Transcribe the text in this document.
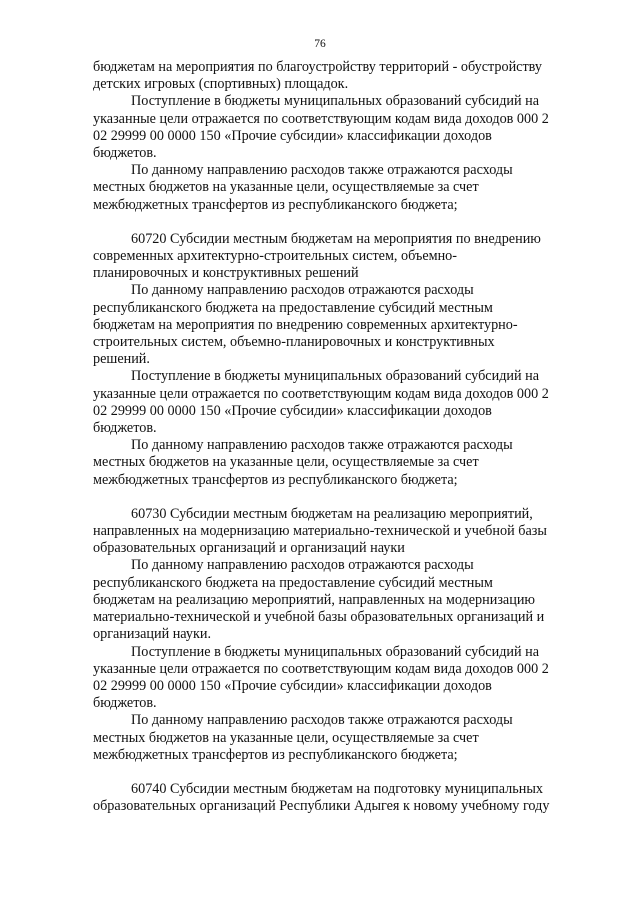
76
бюджетам на мероприятия по благоустройству территорий - обустройству
детских игровых (спортивных) площадок.
Поступление в бюджеты муниципальных образований субсидий на
указанные цели отражается по соответствующим кодам вида доходов 000 2
02 29999 00 0000 150 «Прочие субсидии» классификации доходов
бюджетов.
По данному направлению расходов также отражаются расходы
местных бюджетов на указанные цели, осуществляемые за счет
межбюджетных трансфертов из республиканского бюджета;
60720 Субсидии местным бюджетам на мероприятия по внедрению
современных архитектурно-строительных систем, объемно-
планировочных и конструктивных решений
По данному направлению расходов отражаются расходы
республиканского бюджета на предоставление субсидий местным
бюджетам на мероприятия по внедрению современных архитектурно-
строительных систем, объемно-планировочных и конструктивных
решений.
Поступление в бюджеты муниципальных образований субсидий на
указанные цели отражается по соответствующим кодам вида доходов 000 2
02 29999 00 0000 150 «Прочие субсидии» классификации доходов
бюджетов.
По данному направлению расходов также отражаются расходы
местных бюджетов на указанные цели, осуществляемые за счет
межбюджетных трансфертов из республиканского бюджета;
60730 Субсидии местным бюджетам на реализацию мероприятий,
направленных на модернизацию материально-технической и учебной базы
образовательных организаций и организаций науки
По данному направлению расходов отражаются расходы
республиканского бюджета на предоставление субсидий местным
бюджетам на реализацию мероприятий, направленных на модернизацию
материально-технической и учебной базы образовательных организаций и
организаций науки.
Поступление в бюджеты муниципальных образований субсидий на
указанные цели отражается по соответствующим кодам вида доходов 000 2
02 29999 00 0000 150 «Прочие субсидии» классификации доходов
бюджетов.
По данному направлению расходов также отражаются расходы
местных бюджетов на указанные цели, осуществляемые за счет
межбюджетных трансфертов из республиканского бюджета;
60740 Субсидии местным бюджетам на подготовку муниципальных
образовательных организаций Республики Адыгея к новому учебному году
